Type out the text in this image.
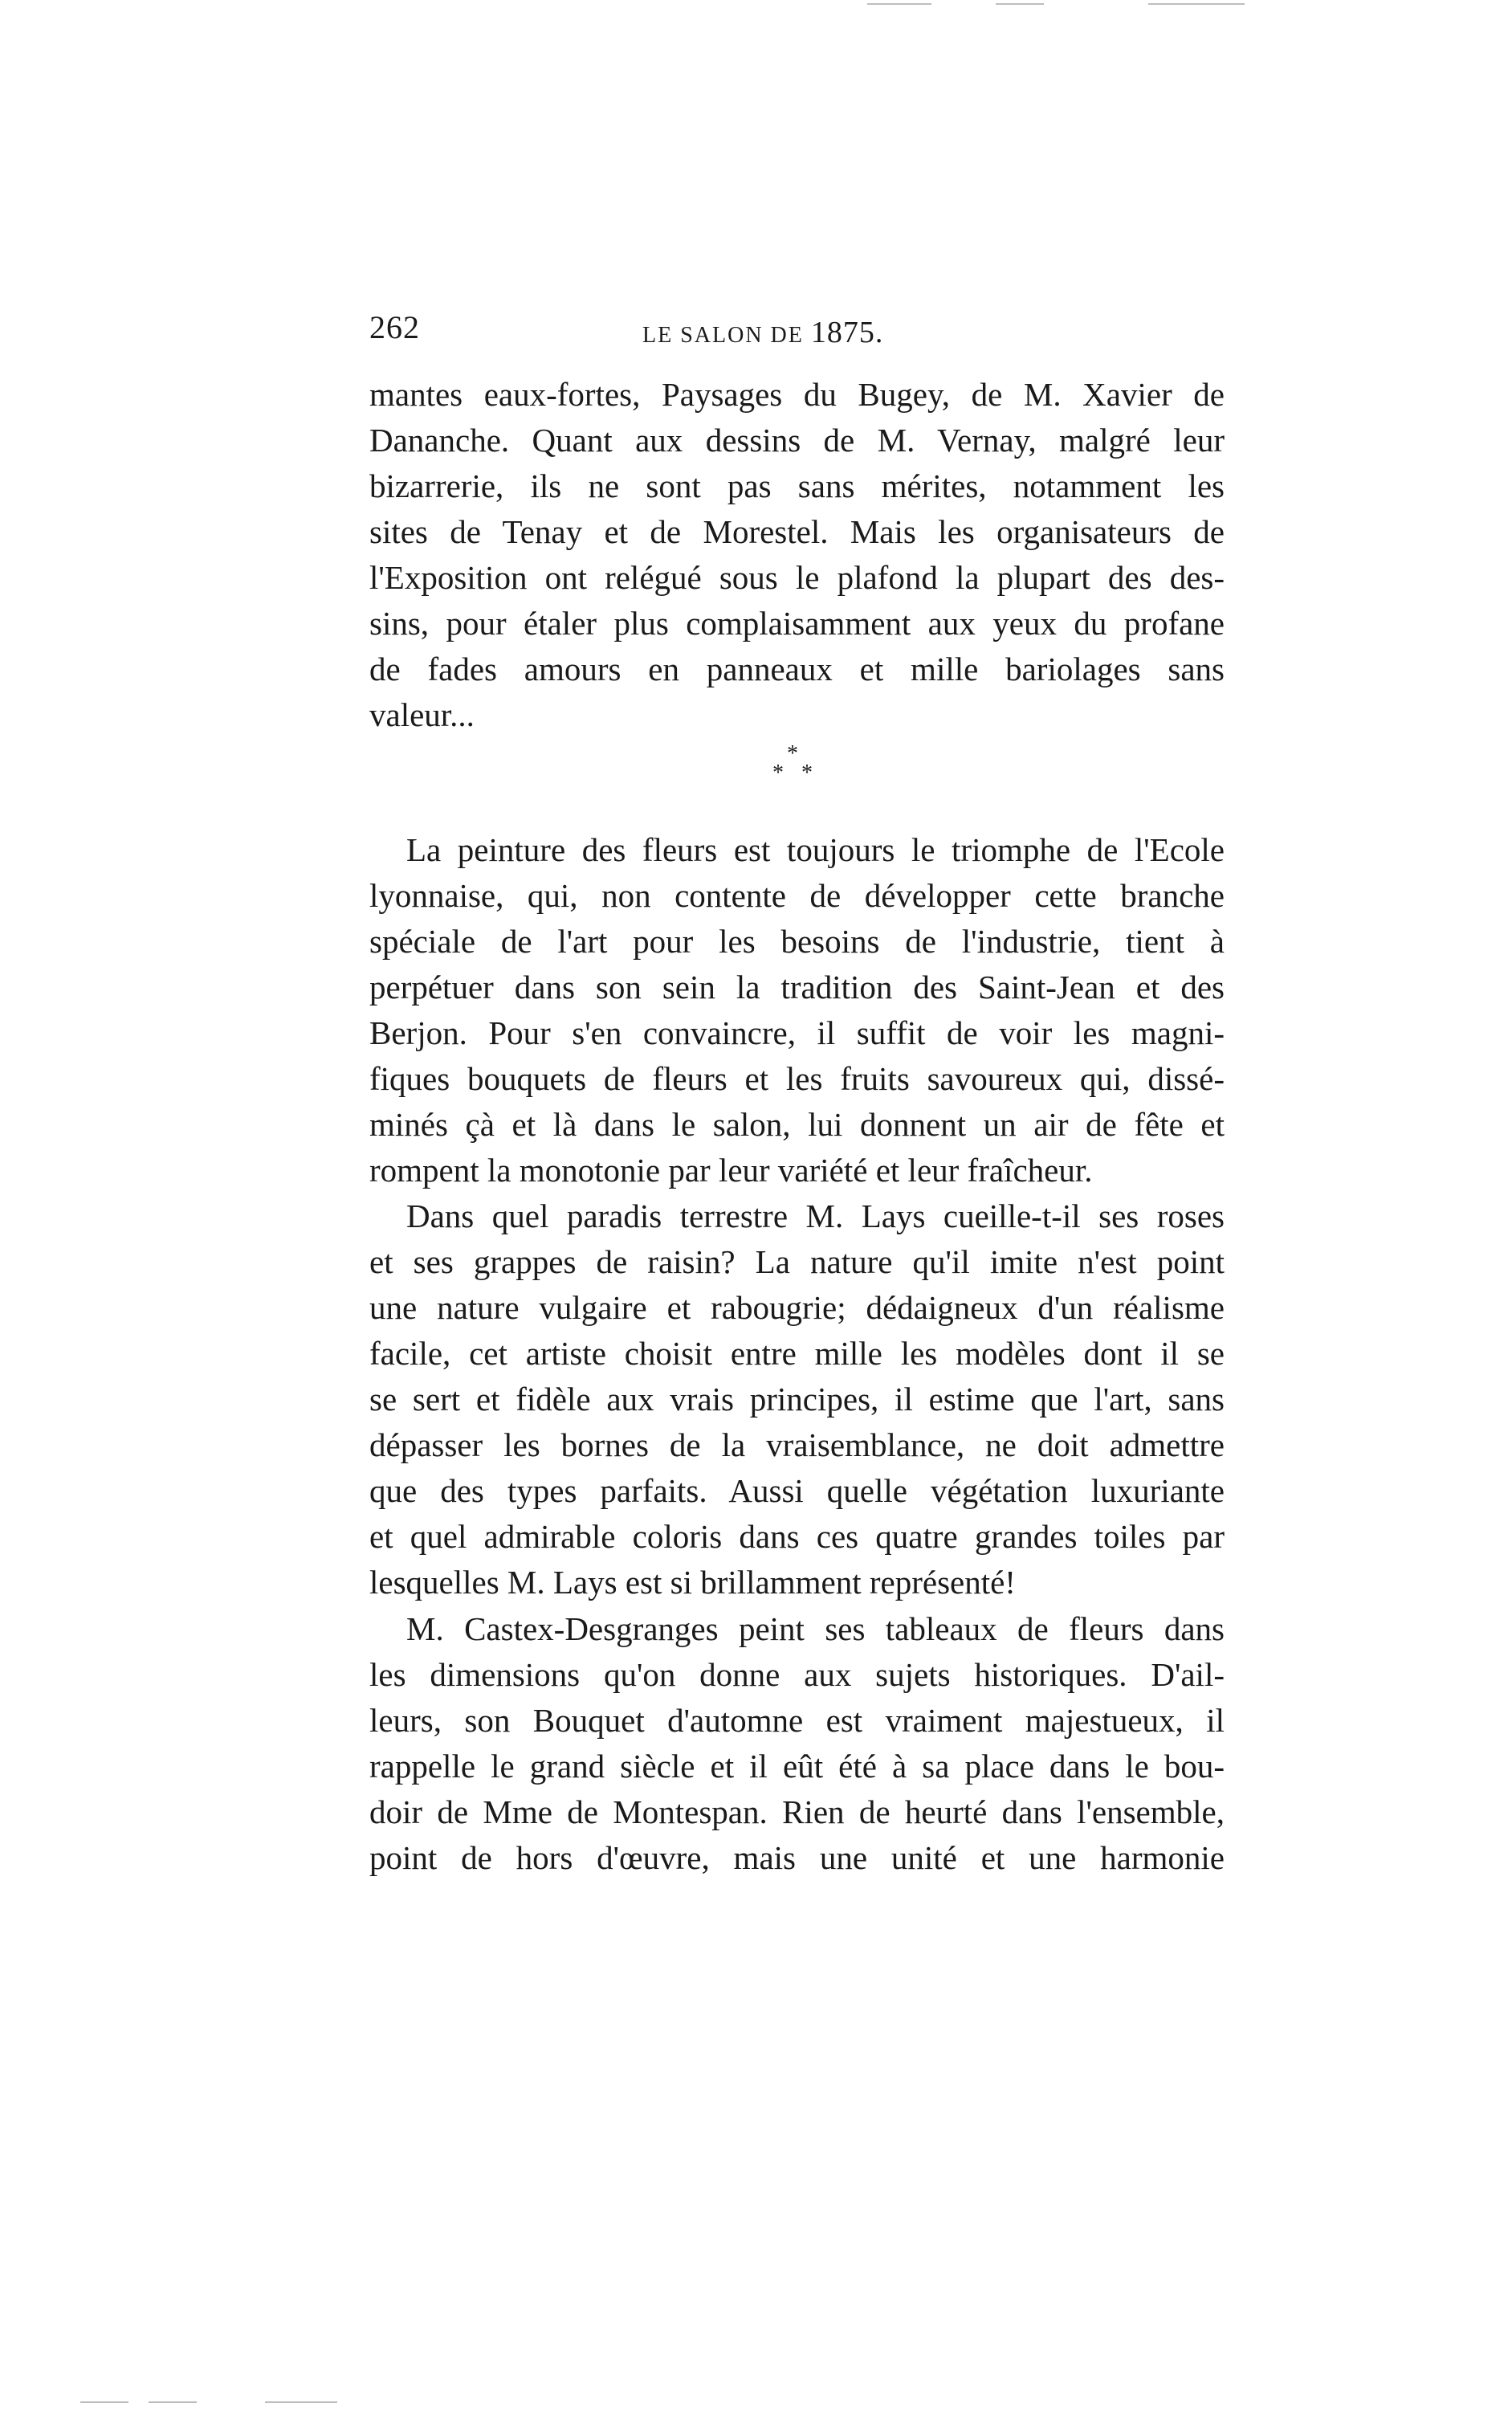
262	LE SALON DE 1875.
mantes eaux-fortes, Paysages du Bugey, de M. Xavier de
Dananche. Quant aux dessins de M. Vernay, malgré leur
bizarrerie, ils ne sont pas sans mérites, notamment les
sites de Tenay et de Morestel. Mais les organisateurs de
l'Exposition ont relégué sous le plafond la plupart des des-
sins, pour étaler plus complaisamment aux yeux du profane
de fades amours en panneaux et mille bariolages sans
valeur...
*
* *
La peinture des fleurs est toujours le triomphe de l'Ecole
lyonnaise, qui, non contente de développer cette branche
spéciale de l'art pour les besoins de l'industrie, tient à
perpétuer dans son sein la tradition des Saint-Jean et des
Berjon. Pour s'en convaincre, il suffit de voir les magni-
fiques bouquets de fleurs et les fruits savoureux qui, dissé-
minés çà et là dans le salon, lui donnent un air de fête et
rompent la monotonie par leur variété et leur fraîcheur.
Dans quel paradis terrestre M. Lays cueille-t-il ses roses
et ses grappes de raisin? La nature qu'il imite n'est point
une nature vulgaire et rabougrie; dédaigneux d'un réalisme
facile, cet artiste choisit entre mille les modèles dont il se
se sert et fidèle aux vrais principes, il estime que l'art, sans
dépasser les bornes de la vraisemblance, ne doit admettre
que des types parfaits. Aussi quelle végétation luxuriante
et quel admirable coloris dans ces quatre grandes toiles par
lesquelles M. Lays est si brillamment représenté!
M. Castex-Desgranges peint ses tableaux de fleurs dans
les dimensions qu'on donne aux sujets historiques. D'ail-
leurs, son Bouquet d'automne est vraiment majestueux, il
rappelle le grand siècle et il eût été à sa place dans le bou-
doir de Mme de Montespan. Rien de heurté dans l'ensemble,
point de hors d'œuvre, mais une unité et une harmonie
